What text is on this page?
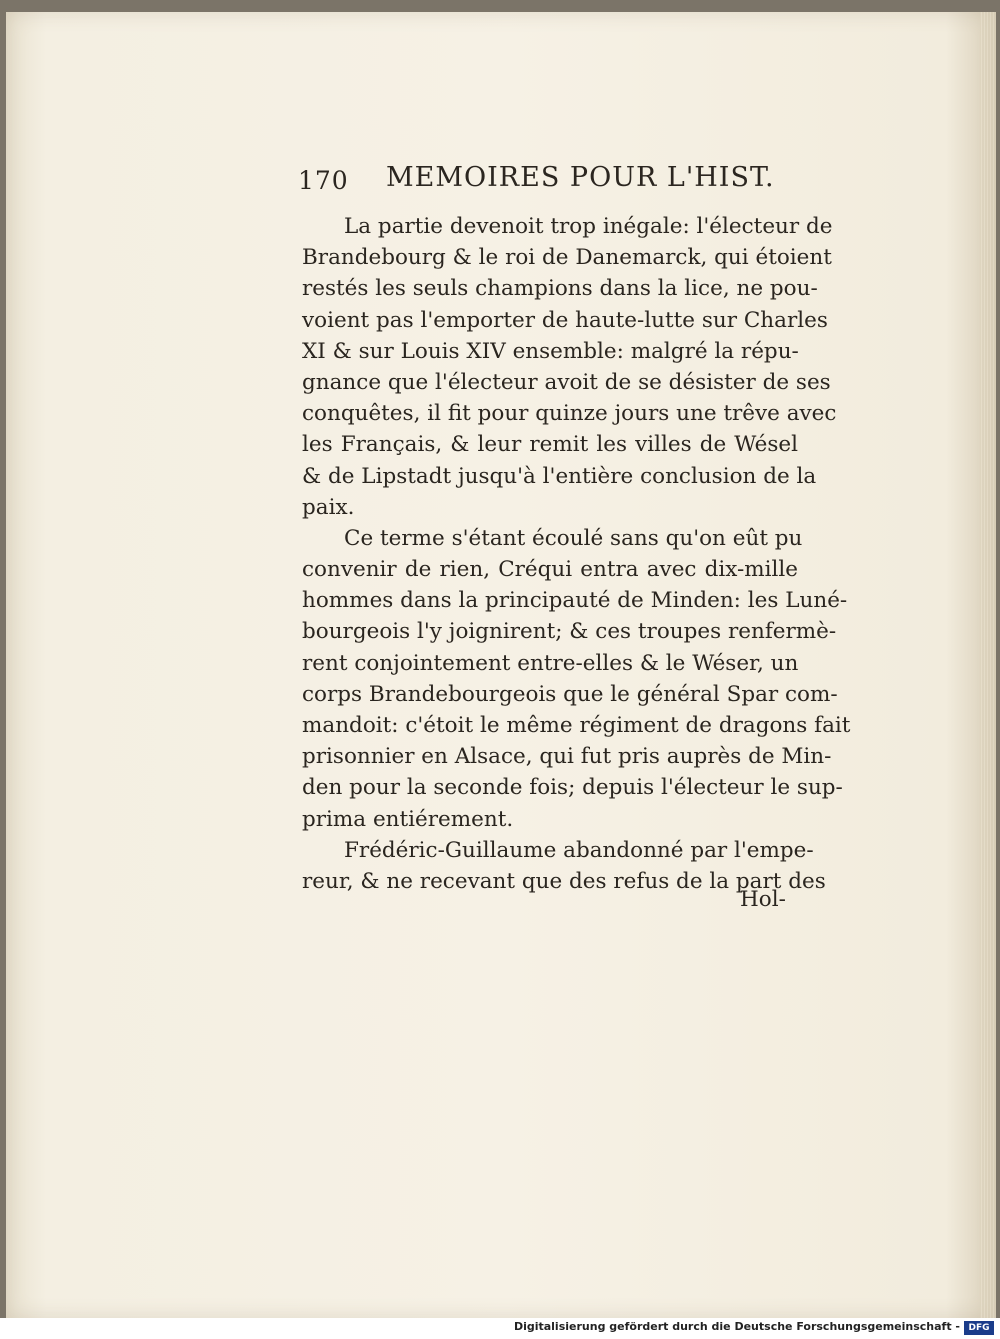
170 MEMOIRES POUR L'HIST.
La partie devenoit trop inégale: l'électeur de
Brandebourg & le roi de Danemarck, qui étoient
restés les seuls champions dans la lice, ne pou-
voient pas l'emporter de haute-lutte sur Charles
XI & sur Louis XIV ensemble: malgré la répu-
gnance que l'électeur avoit de se désister de ses
conquêtes, il fit pour quinze jours une trêve avec
les Français, & leur remit les villes de Wésel
& de Lipstadt jusqu'à l'entière conclusion de la
paix.
Ce terme s'étant écoulé sans qu'on eût pu
convenir de rien, Créqui entra avec dix-mille
hommes dans la principauté de Minden: les Luné-
bourgeois l'y joignirent; & ces troupes renfermè-
rent conjointement entre-elles & le Wéser, un
corps Brandebourgeois que le général Spar com-
mandoit: c'étoit le même régiment de dragons fait
prisonnier en Alsace, qui fut pris auprès de Min-
den pour la seconde fois; depuis l'électeur le sup-
prima entiérement.
Frédéric-Guillaume abandonné par l'empe-
reur, & ne recevant que des refus de la part des
Hol-
Digitalisierung gefördert durch die Deutsche Forschungsgemeinschaft - DFG
